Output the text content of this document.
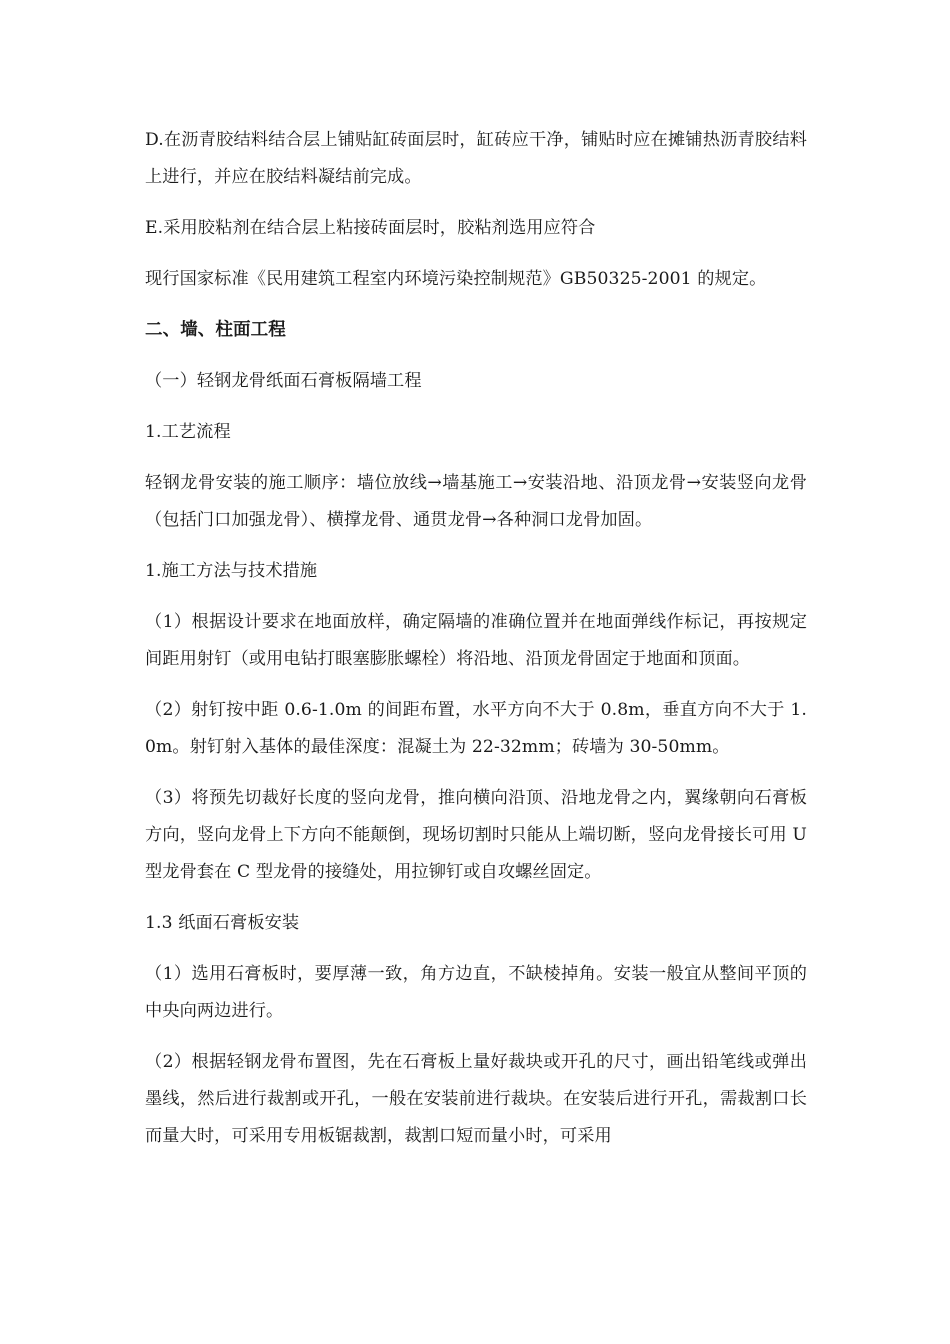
D.在沥青胶结料结合层上铺贴缸砖面层时，缸砖应干净，铺贴时应在摊铺热沥青胶结料上进行，并应在胶结料凝结前完成。

E.采用胶粘剂在结合层上粘接砖面层时，胶粘剂选用应符合

现行国家标准《民用建筑工程室内环境污染控制规范》GB50325-2001 的规定。

二、墙、柱面工程

（一）轻钢龙骨纸面石膏板隔墙工程

1.工艺流程

轻钢龙骨安装的施工顺序：墙位放线→墙基施工→安装沿地、沿顶龙骨→安装竖向龙骨（包括门口加强龙骨）、横撑龙骨、通贯龙骨→各种洞口龙骨加固。

1.施工方法与技术措施

（1）根据设计要求在地面放样，确定隔墙的准确位置并在地面弹线作标记，再按规定间距用射钉（或用电钻打眼塞膨胀螺栓）将沿地、沿顶龙骨固定于地面和顶面。

（2）射钉按中距 0.6-1.0m 的间距布置，水平方向不大于 0.8m，垂直方向不大于 1.0m。射钉射入基体的最佳深度：混凝土为 22-32mm；砖墙为 30-50mm。

（3）将预先切裁好长度的竖向龙骨，推向横向沿顶、沿地龙骨之内，翼缘朝向石膏板方向，竖向龙骨上下方向不能颠倒，现场切割时只能从上端切断，竖向龙骨接长可用 U 型龙骨套在 C 型龙骨的接缝处，用拉铆钉或自攻螺丝固定。

1.3 纸面石膏板安装

（1）选用石膏板时，要厚薄一致，角方边直，不缺棱掉角。安装一般宜从整间平顶的中央向两边进行。

（2）根据轻钢龙骨布置图，先在石膏板上量好裁块或开孔的尺寸，画出铅笔线或弹出墨线，然后进行裁割或开孔，一般在安装前进行裁块。在安装后进行开孔，需裁割口长而量大时，可采用专用板锯裁割，裁割口短而量小时，可采用
